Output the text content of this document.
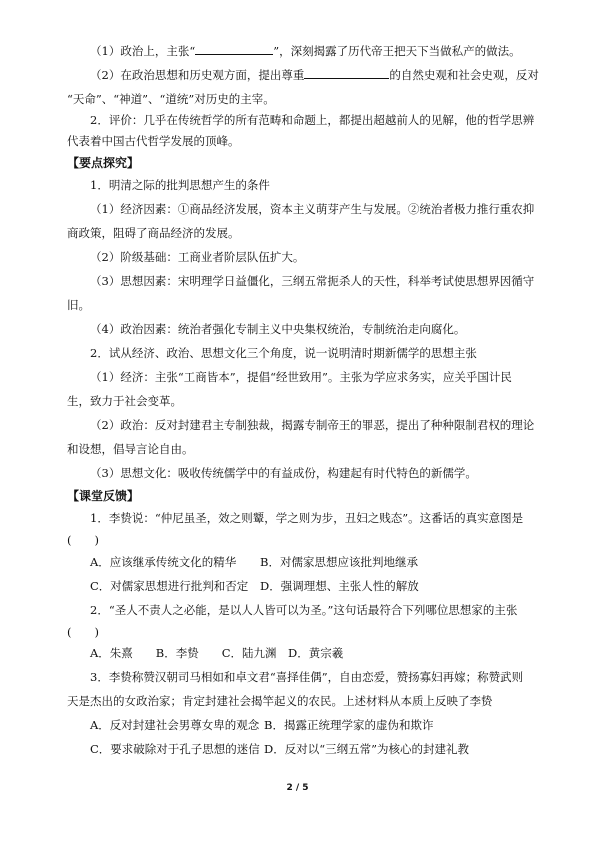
（1）政治上，主张“	”，深刻揭露了历代帝王把天下当做私产的做法。
（2）在政治思想和历史观方面，提出尊重	的自然史观和社会史观，反对
“天命”、“神道”、“道统”对历史的主宰。
2．评价：几乎在传统哲学的所有范畴和命题上，都提出超越前人的见解，他的哲学思辨
代表着中国古代哲学发展的顶峰。
【要点探究】
1．明清之际的批判思想产生的条件
（1）经济因素：①商品经济发展，资本主义萌芽产生与发展。②统治者极力推行重农抑
商政策，阻碍了商品经济的发展。
（2）阶级基础：工商业者阶层队伍扩大。
（3）思想因素：宋明理学日益僵化，三纲五常扼杀人的天性，科举考试使思想界因循守
旧。
（4）政治因素：统治者强化专制主义中央集权统治，专制统治走向腐化。
2．试从经济、政治、思想文化三个角度，说一说明清时期新儒学的思想主张
（1）经济：主张“工商皆本”，提倡“经世致用”。主张为学应求务实，应关乎国计民
生，致力于社会变革。
（2）政治：反对封建君主专制独裁，揭露专制帝王的罪恶，提出了种种限制君权的理论
和设想，倡导言论自由。
（3）思想文化：吸收传统儒学中的有益成份，构建起有时代特色的新儒学。
【课堂反馈】
1．李贽说：“仲尼虽圣，效之则颦，学之则为步，丑妇之贱态”。这番话的真实意图是
(　　)
A．应该继承传统文化的精华	B．对儒家思想应该批判地继承
C．对儒家思想进行批判和否定	D．强调理想、主张人性的解放
2．“圣人不责人之必能，是以人人皆可以为圣。”这句话最符合下列哪位思想家的主张
(　　)
A．朱熹　　B．李贽　　C．陆九渊　D．黄宗羲
3．李贽称赞汉朝司马相如和卓文君“喜择佳偶”，自由恋爱，赞扬寡妇再嫁；称赞武则
天是杰出的女政治家；肯定封建社会揭竿起义的农民。上述材料从本质上反映了李贽
A．反对封建社会男尊女卑的观念 B．揭露正统理学家的虚伪和欺诈
C．要求破除对于孔子思想的迷信 D．反对以“三纲五常”为核心的封建礼教
2 / 5
